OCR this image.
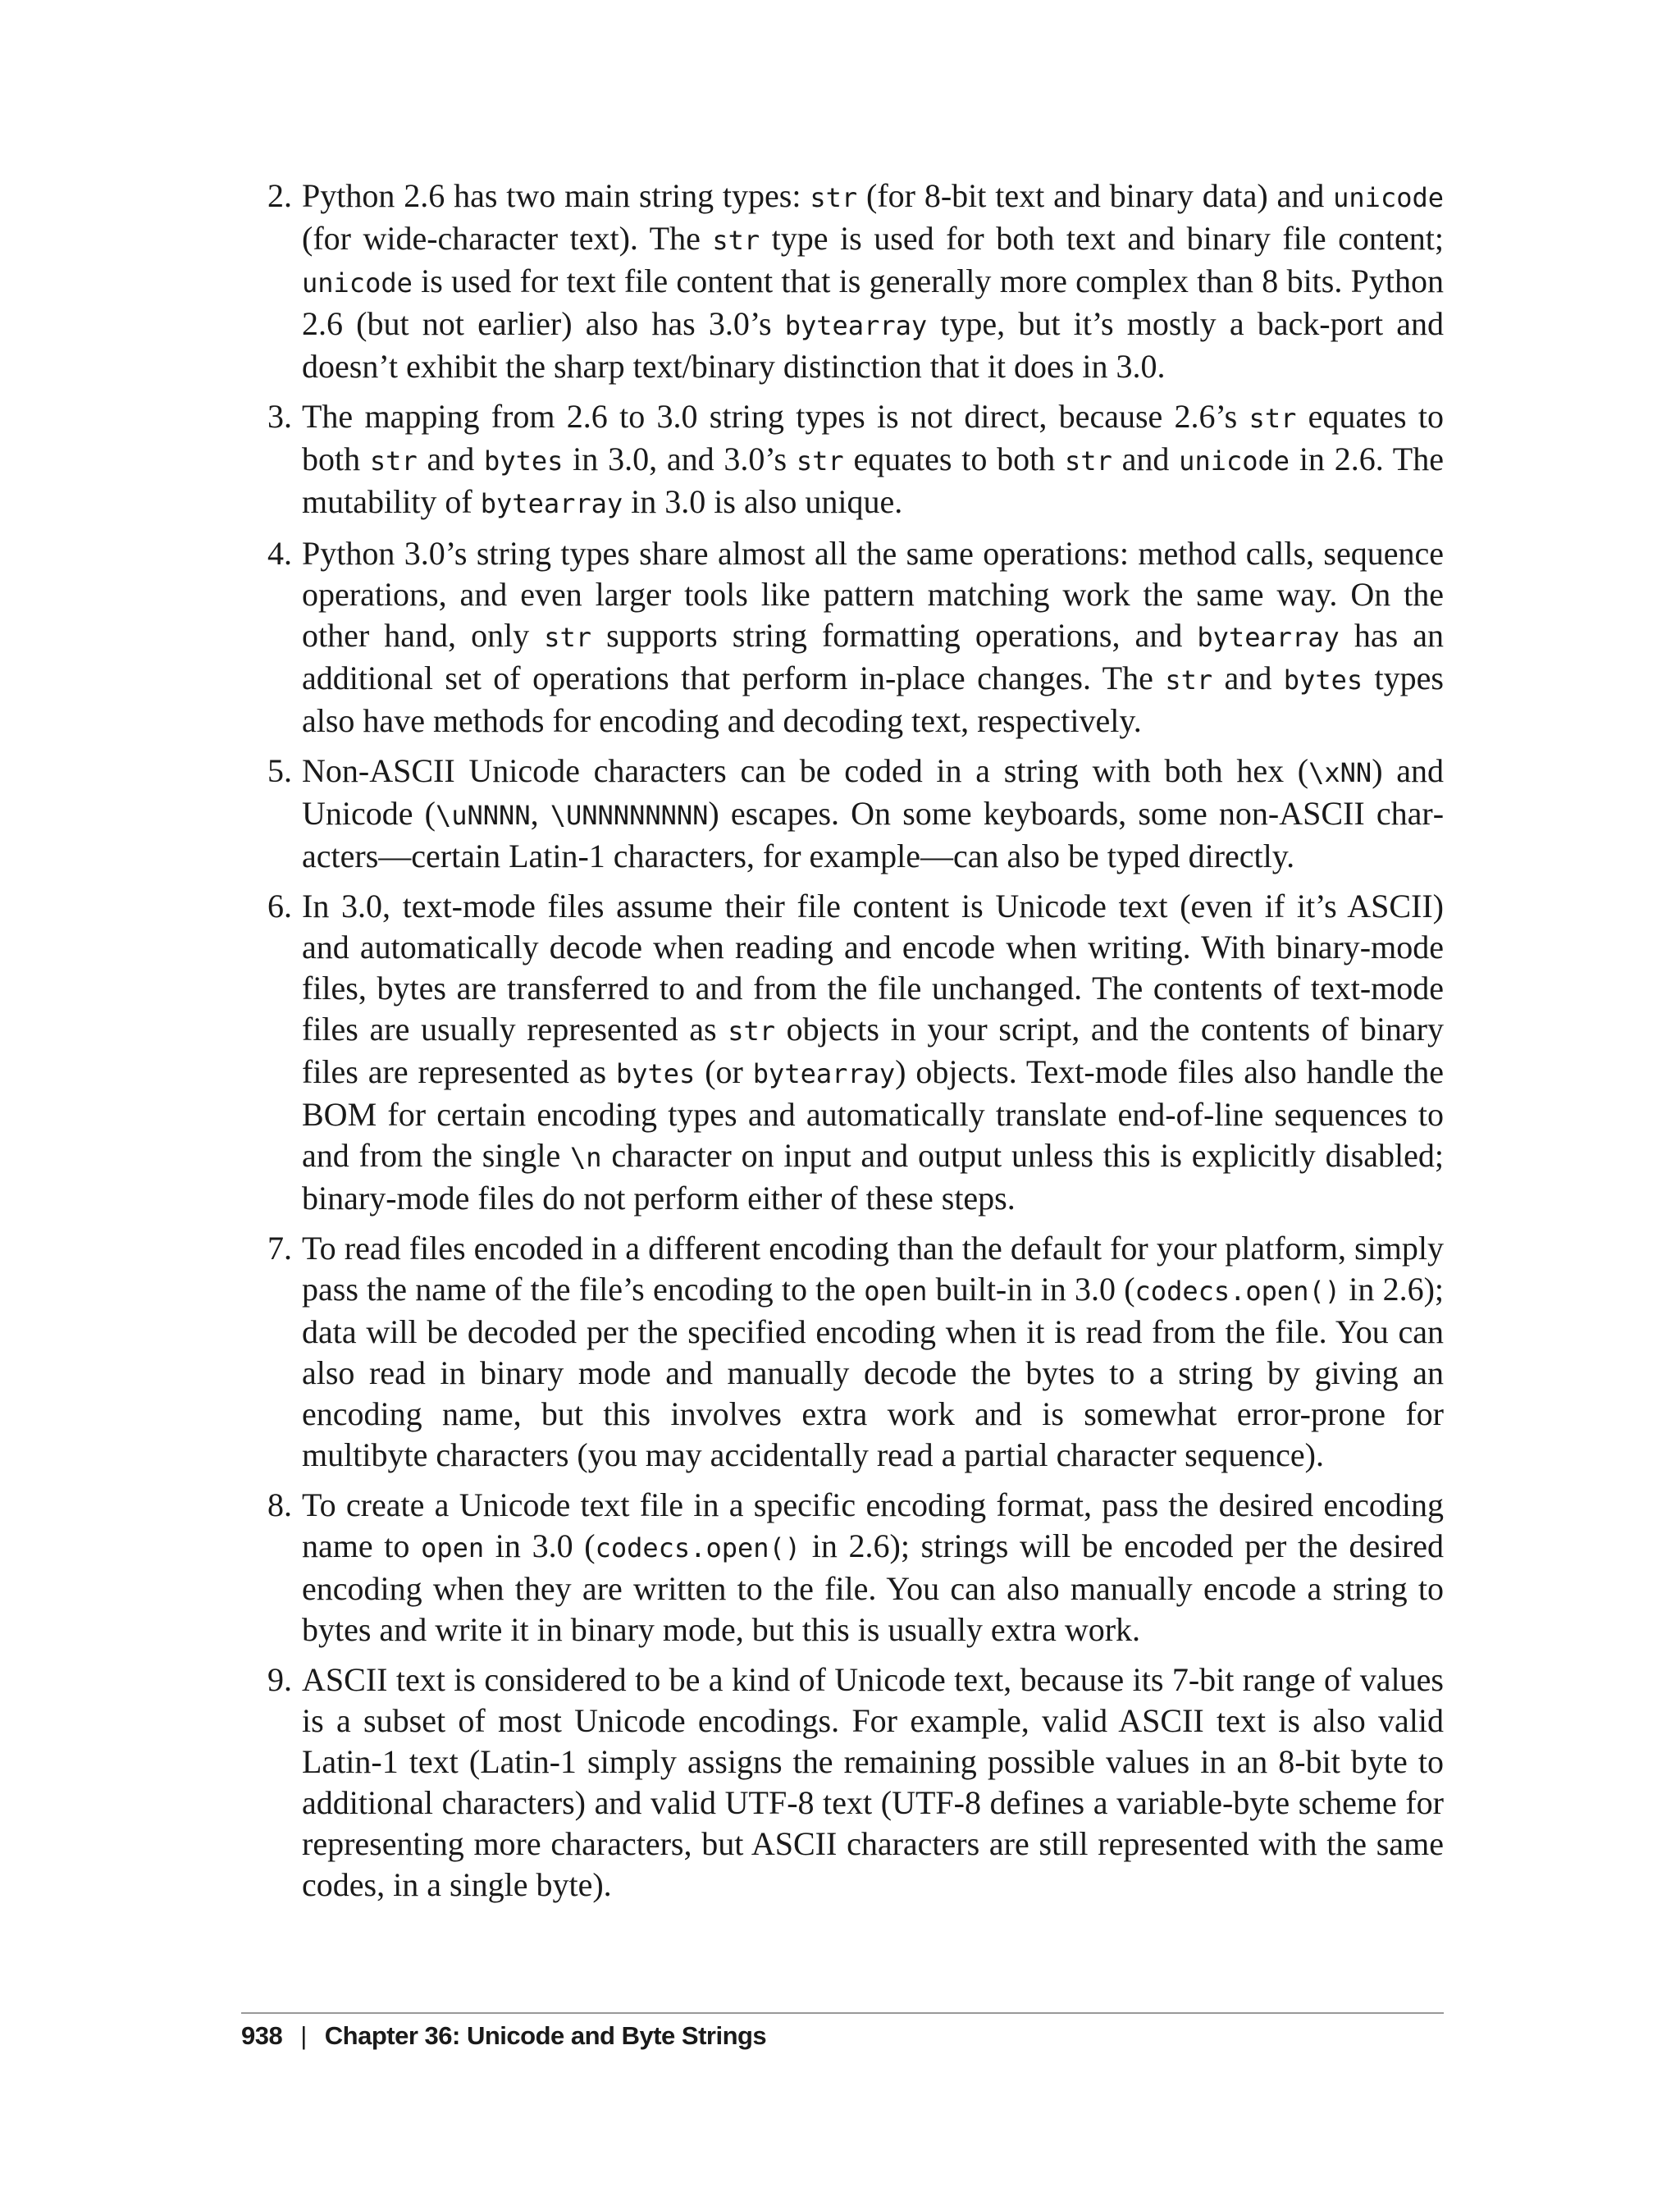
2. Python 2.6 has two main string types: str (for 8-bit text and binary data) and unicode (for wide-character text). The str type is used for both text and binary file content; unicode is used for text file content that is generally more complex than 8 bits. Python 2.6 (but not earlier) also has 3.0’s bytearray type, but it’s mostly a back-port and doesn’t exhibit the sharp text/binary distinction that it does in 3.0.
3. The mapping from 2.6 to 3.0 string types is not direct, because 2.6’s str equates to both str and bytes in 3.0, and 3.0’s str equates to both str and unicode in 2.6. The mutability of bytearray in 3.0 is also unique.
4. Python 3.0’s string types share almost all the same operations: method calls, sequence operations, and even larger tools like pattern matching work the same way. On the other hand, only str supports string formatting operations, and bytearray has an additional set of operations that perform in-place changes. The str and bytes types also have methods for encoding and decoding text, respectively.
5. Non-ASCII Unicode characters can be coded in a string with both hex (\xNN) and Unicode (\uNNNN, \UNNNNNNNN) escapes. On some keyboards, some non-ASCII characters—certain Latin-1 characters, for example—can also be typed directly.
6. In 3.0, text-mode files assume their file content is Unicode text (even if it’s ASCII) and automatically decode when reading and encode when writing. With binary-mode files, bytes are transferred to and from the file unchanged. The contents of text-mode files are usually represented as str objects in your script, and the contents of binary files are represented as bytes (or bytearray) objects. Text-mode files also handle the BOM for certain encoding types and automatically translate end-of-line sequences to and from the single \n character on input and output unless this is explicitly disabled; binary-mode files do not perform either of these steps.
7. To read files encoded in a different encoding than the default for your platform, simply pass the name of the file’s encoding to the open built-in in 3.0 (codecs.open() in 2.6); data will be decoded per the specified encoding when it is read from the file. You can also read in binary mode and manually decode the bytes to a string by giving an encoding name, but this involves extra work and is somewhat error-prone for multibyte characters (you may accidentally read a partial character sequence).
8. To create a Unicode text file in a specific encoding format, pass the desired encoding name to open in 3.0 (codecs.open() in 2.6); strings will be encoded per the desired encoding when they are written to the file. You can also manually encode a string to bytes and write it in binary mode, but this is usually extra work.
9. ASCII text is considered to be a kind of Unicode text, because its 7-bit range of values is a subset of most Unicode encodings. For example, valid ASCII text is also valid Latin-1 text (Latin-1 simply assigns the remaining possible values in an 8-bit byte to additional characters) and valid UTF-8 text (UTF-8 defines a variable-byte scheme for representing more characters, but ASCII characters are still represented with the same codes, in a single byte).
938 | Chapter 36: Unicode and Byte Strings
